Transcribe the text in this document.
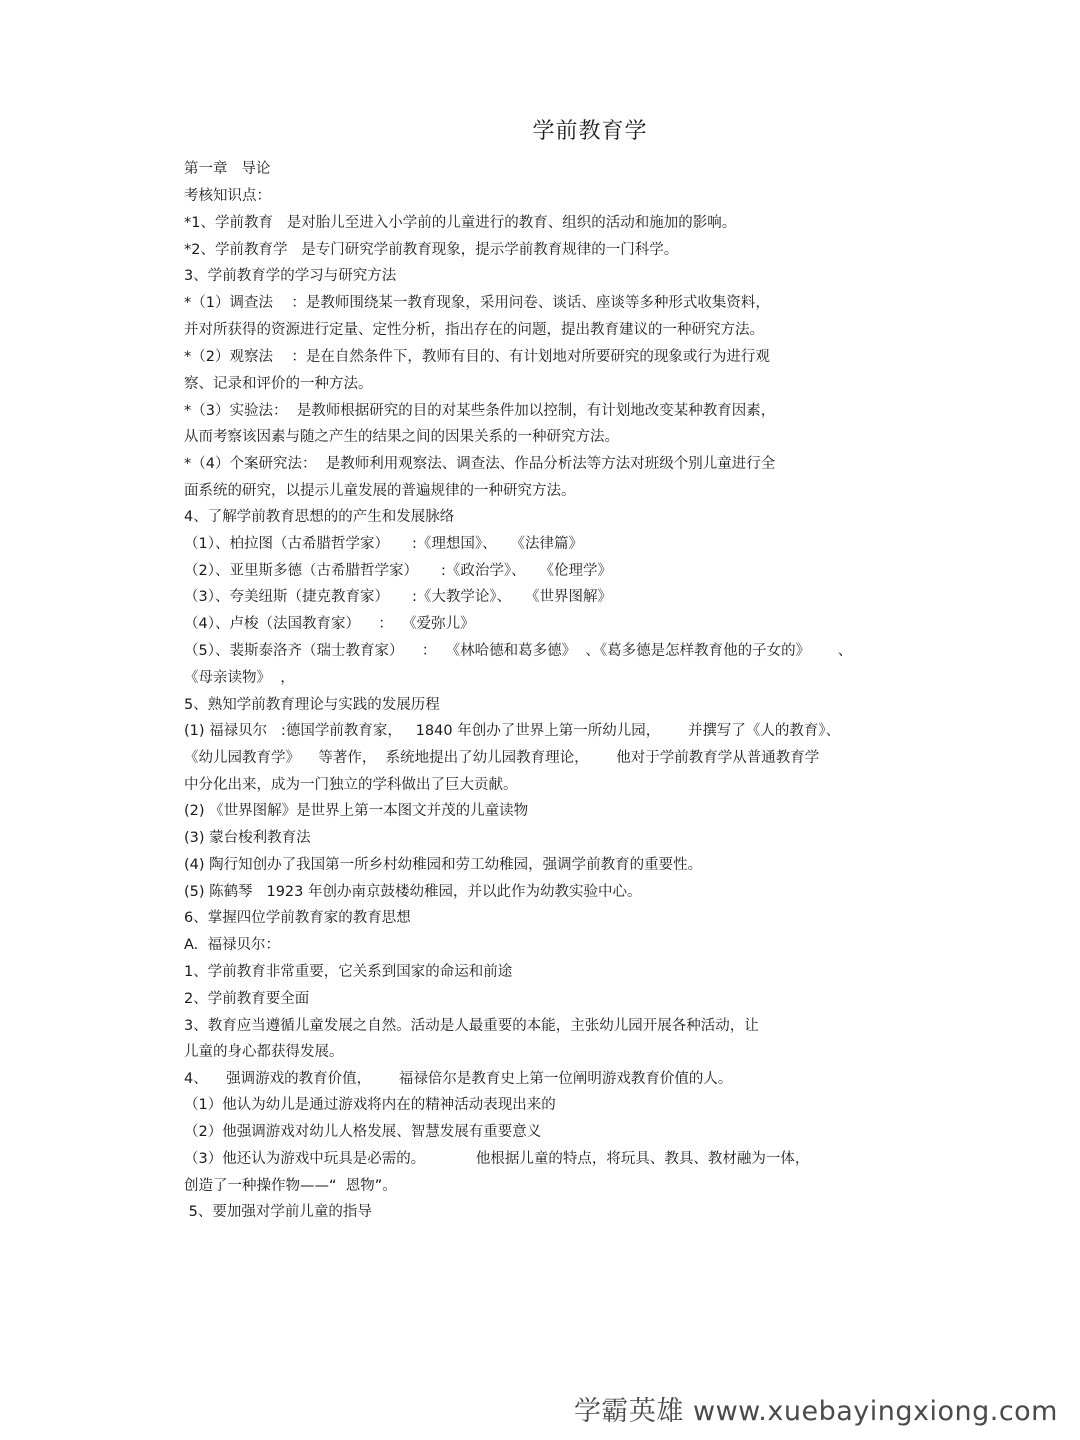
学前教育学
第一章   导论
考核知识点：
*1、学前教育   是对胎儿至进入小学前的儿童进行的教育、组织的活动和施加的影响。
*2、学前教育学   是专门研究学前教育现象，提示学前教育规律的一门科学。
3、学前教育学的学习与研究方法
*（1）调查法    ：是教师围绕某一教育现象，采用问卷、谈话、座谈等多种形式收集资料，
并对所获得的资源进行定量、定性分析，指出存在的问题，提出教育建议的一种研究方法。
*（2）观察法    ：是在自然条件下，教师有目的、有计划地对所要研究的现象或行为进行观
察、记录和评价的一种方法。
*（3）实验法：  是教师根据研究的目的对某些条件加以控制，有计划地改变某种教育因素，
从而考察该因素与随之产生的结果之间的因果关系的一种研究方法。
*（4）个案研究法：  是教师利用观察法、调查法、作品分析法等方法对班级个别儿童进行全
面系统的研究，以提示儿童发展的普遍规律的一种研究方法。
4、了解学前教育思想的的产生和发展脉络
（1）、柏拉图（古希腊哲学家）     :《理想国》、   《法律篇》
（2）、亚里斯多德（古希腊哲学家）     :《政治学》、   《伦理学》
（3）、夸美纽斯（捷克教育家）     :《大教学论》、   《世界图解》
（4）、卢梭（法国教育家）    ：  《爱弥儿》
（5）、裴斯泰洛齐（瑞士教育家）    ：  《林哈德和葛多德》  、《葛多德是怎样教育他的子女的》      、
《母亲读物》  ，
5、熟知学前教育理论与实践的发展历程
(1) 福禄贝尔   :德国学前教育家，   1840 年创办了世界上第一所幼儿园，      并撰写了《人的教育》、
《幼儿园教育学》    等著作，  系统地提出了幼儿园教育理论，      他对于学前教育学从普通教育学
中分化出来，成为一门独立的学科做出了巨大贡献。
(2) 《世界图解》是世界上第一本图文并茂的儿童读物
(3) 蒙台梭利教育法
(4) 陶行知创办了我国第一所乡村幼稚园和劳工幼稚园，强调学前教育的重要性。
(5) 陈鹤琴   1923 年创办南京鼓楼幼稚园，并以此作为幼教实验中心。
6、掌握四位学前教育家的教育思想
A.  福禄贝尔：
1、学前教育非常重要，它关系到国家的命运和前途
2、学前教育要全面
3、教育应当遵循儿童发展之自然。活动是人最重要的本能，主张幼儿园开展各种活动，让
儿童的身心都获得发展。
4、    强调游戏的教育价值，      福禄倍尔是教育史上第一位阐明游戏教育价值的人。
（1）他认为幼儿是通过游戏将内在的精神活动表现出来的
（2）他强调游戏对幼儿人格发展、智慧发展有重要意义
（3）他还认为游戏中玩具是必需的。           他根据儿童的特点，将玩具、教具、教材融为一体，
创造了一种操作物——“  恩物”。
5、要加强对学前儿童的指导
学霸英雄 www.xuebayingxiong.com
